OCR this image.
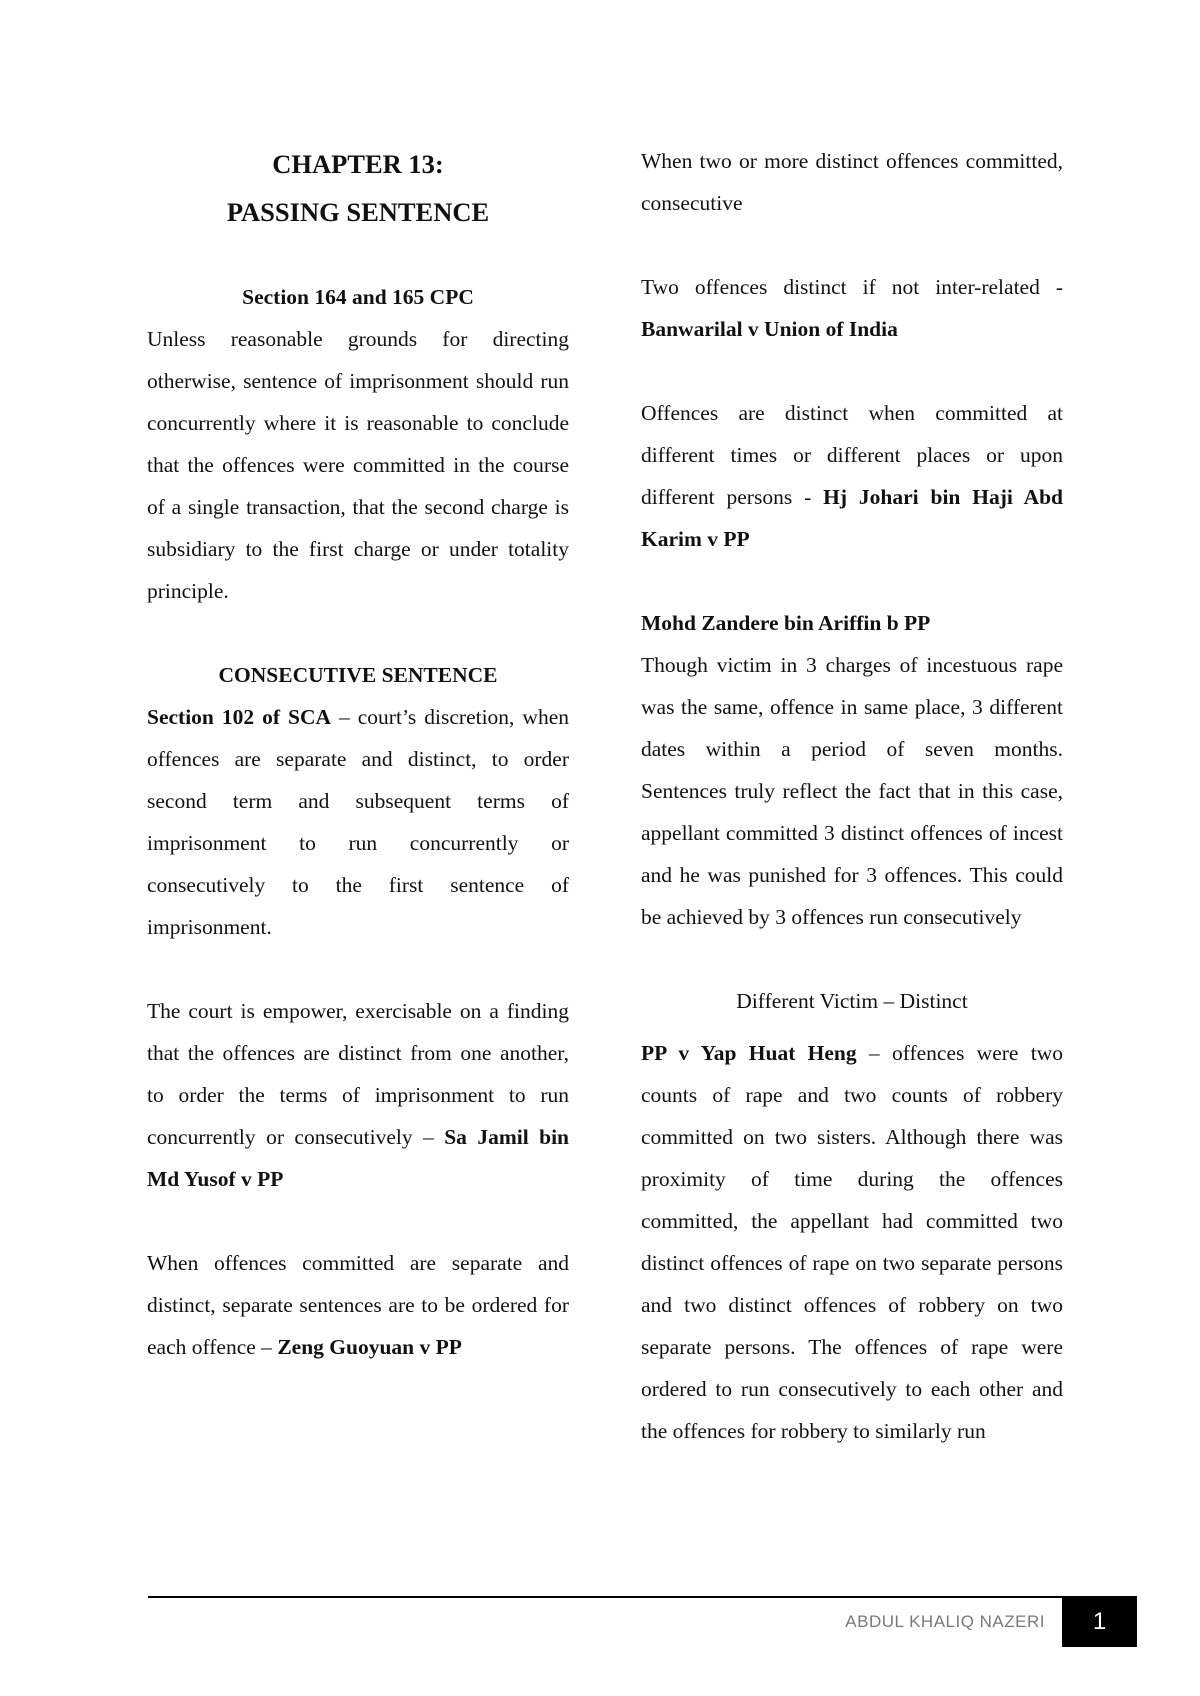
CHAPTER 13:
PASSING SENTENCE

Section 164 and 165 CPC

Unless reasonable grounds for directing otherwise, sentence of imprisonment should run concurrently where it is reasonable to conclude that the offences were committed in the course of a single transaction, that the second charge is subsidiary to the first charge or under totality principle.

CONSECUTIVE SENTENCE

Section 102 of SCA – court’s discretion, when offences are separate and distinct, to order second term and subsequent terms of imprisonment to run concurrently or consecutively to the first sentence of imprisonment.

The court is empower, exercisable on a finding that the offences are distinct from one another, to order the terms of imprisonment to run concurrently or consecutively – Sa Jamil bin Md Yusof v PP

When offences committed are separate and distinct, separate sentences are to be ordered for each offence – Zeng Guoyuan v PP

When two or more distinct offences committed, consecutive

Two offences distinct if not inter-related - Banwarilal v Union of India

Offences are distinct when committed at different times or different places or upon different persons - Hj Johari bin Haji Abd Karim v PP

Mohd Zandere bin Ariffin b PP

Though victim in 3 charges of incestuous rape was the same, offence in same place, 3 different dates within a period of seven months. Sentences truly reflect the fact that in this case, appellant committed 3 distinct offences of incest and he was punished for 3 offences. This could be achieved by 3 offences run consecutively

Different Victim – Distinct

PP v Yap Huat Heng – offences were two counts of rape and two counts of robbery committed on two sisters. Although there was proximity of time during the offences committed, the appellant had committed two distinct offences of rape on two separate persons and two distinct offences of robbery on two separate persons. The offences of rape were ordered to run consecutively to each other and the offences for robbery to similarly run

ABDUL KHALIQ NAZERI	1
